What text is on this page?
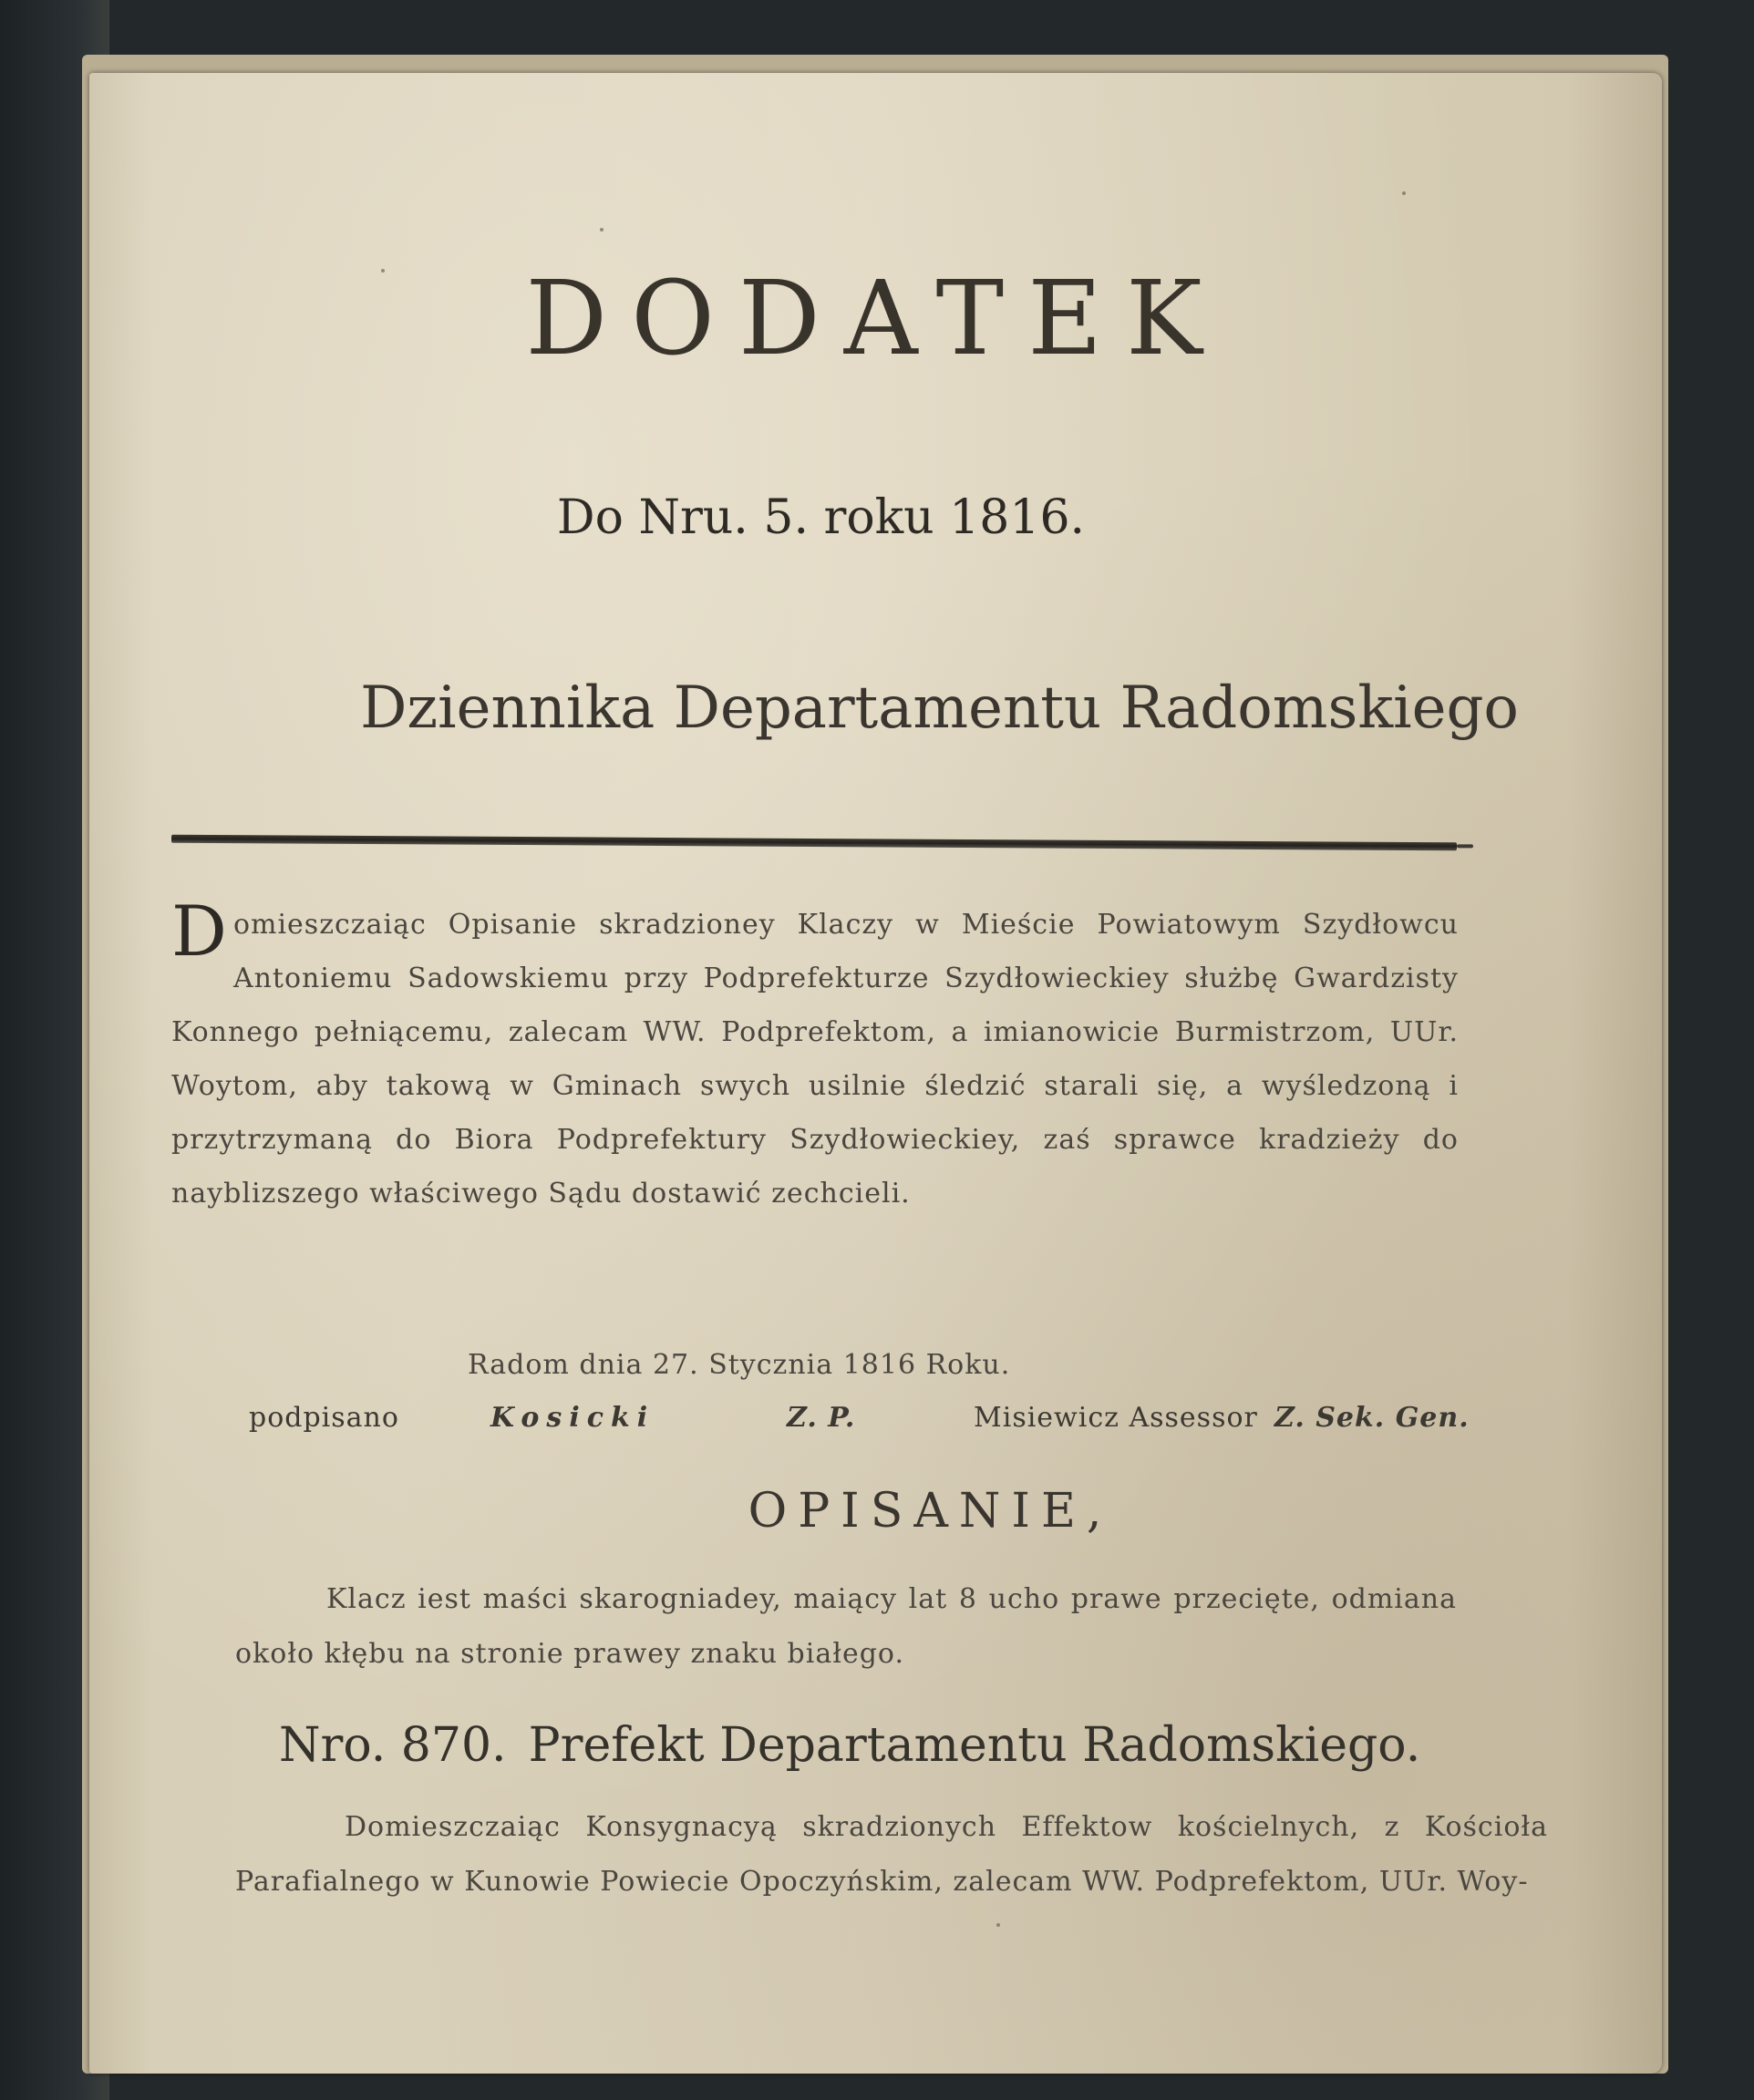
DODATEK
Do Nru. 5. roku 1816.
Dziennika Departamentu Radomskiego
D omieszczaiąc Opisanie skradzioney Klaczy w Mieście Powiatowym Szydłowcu Antoniemu Sadowskiemu przy Podprefekturze Szydłowieckiey służbę Gwardzisty Konnego pełniącemu, zalecam WW. Podprefektom, a imianowicie Burmistrzom, UUr. Woytom, aby takową w Gminach swych usilnie śledzić starali się, a wyśledzoną i przytrzymaną do Biora Podprefektury Szydłowieckiey, zaś sprawce kradzieży do nayblizszego właściwego Sądu dostawić zechcieli.
Radom dnia 27. Stycznia 1816 Roku.
podpisano	Kosicki	Z. P.	Misiewicz Assessor Z. Sek. Gen.
OPISANIE,
Klacz iest maści skarogniadey, maiący lat 8 ucho prawe przecięte, odmiana około kłębu na stronie prawey znaku białego.
Nro. 870. Prefekt Departamentu Radomskiego.
Domieszczaiąc Konsygnacyą skradzionych Effektow kościelnych, z Kościoła Parafialnego w Kunowie Powiecie Opoczyńskim, zalecam WW. Podprefektom, UUr. Woy-
